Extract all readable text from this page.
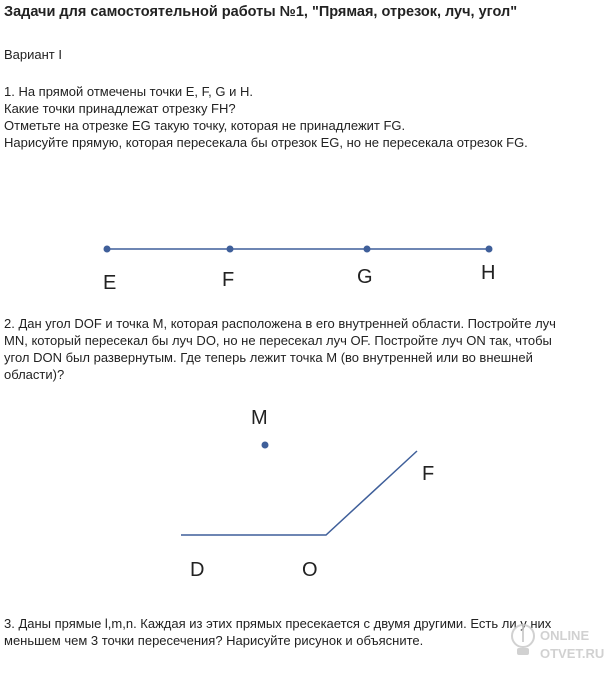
Задачи для самостоятельной работы №1, "Прямая, отрезок, луч, угол"
Вариант I
1. На прямой отмечены точки E, F, G и H.
Какие точки принадлежат отрезку FH?
Отметьте на отрезке EG такую точку, которая не принадлежит FG.
Нарисуйте прямую, которая пересекала бы отрезок EG, но не пересекала отрезок FG.
2. Дан угол DOF и точка M, которая расположена в его внутренней области. Постройте луч
MN, который пересекал бы луч DO, но не пересекал луч OF. Постройте луч ON так, чтобы
угол DON был развернутым. Где теперь лежит точка M (во внутренней или во внешней
области)?
3. Даны прямые l,m,n. Каждая из этих прямых пресекается с двумя другими. Есть ли у них
меньшем чем 3 точки пересечения? Нарисуйте рисунок и объясните.
E	F	G	H
M
D	O
F
ONLINE
OTVET.RU
